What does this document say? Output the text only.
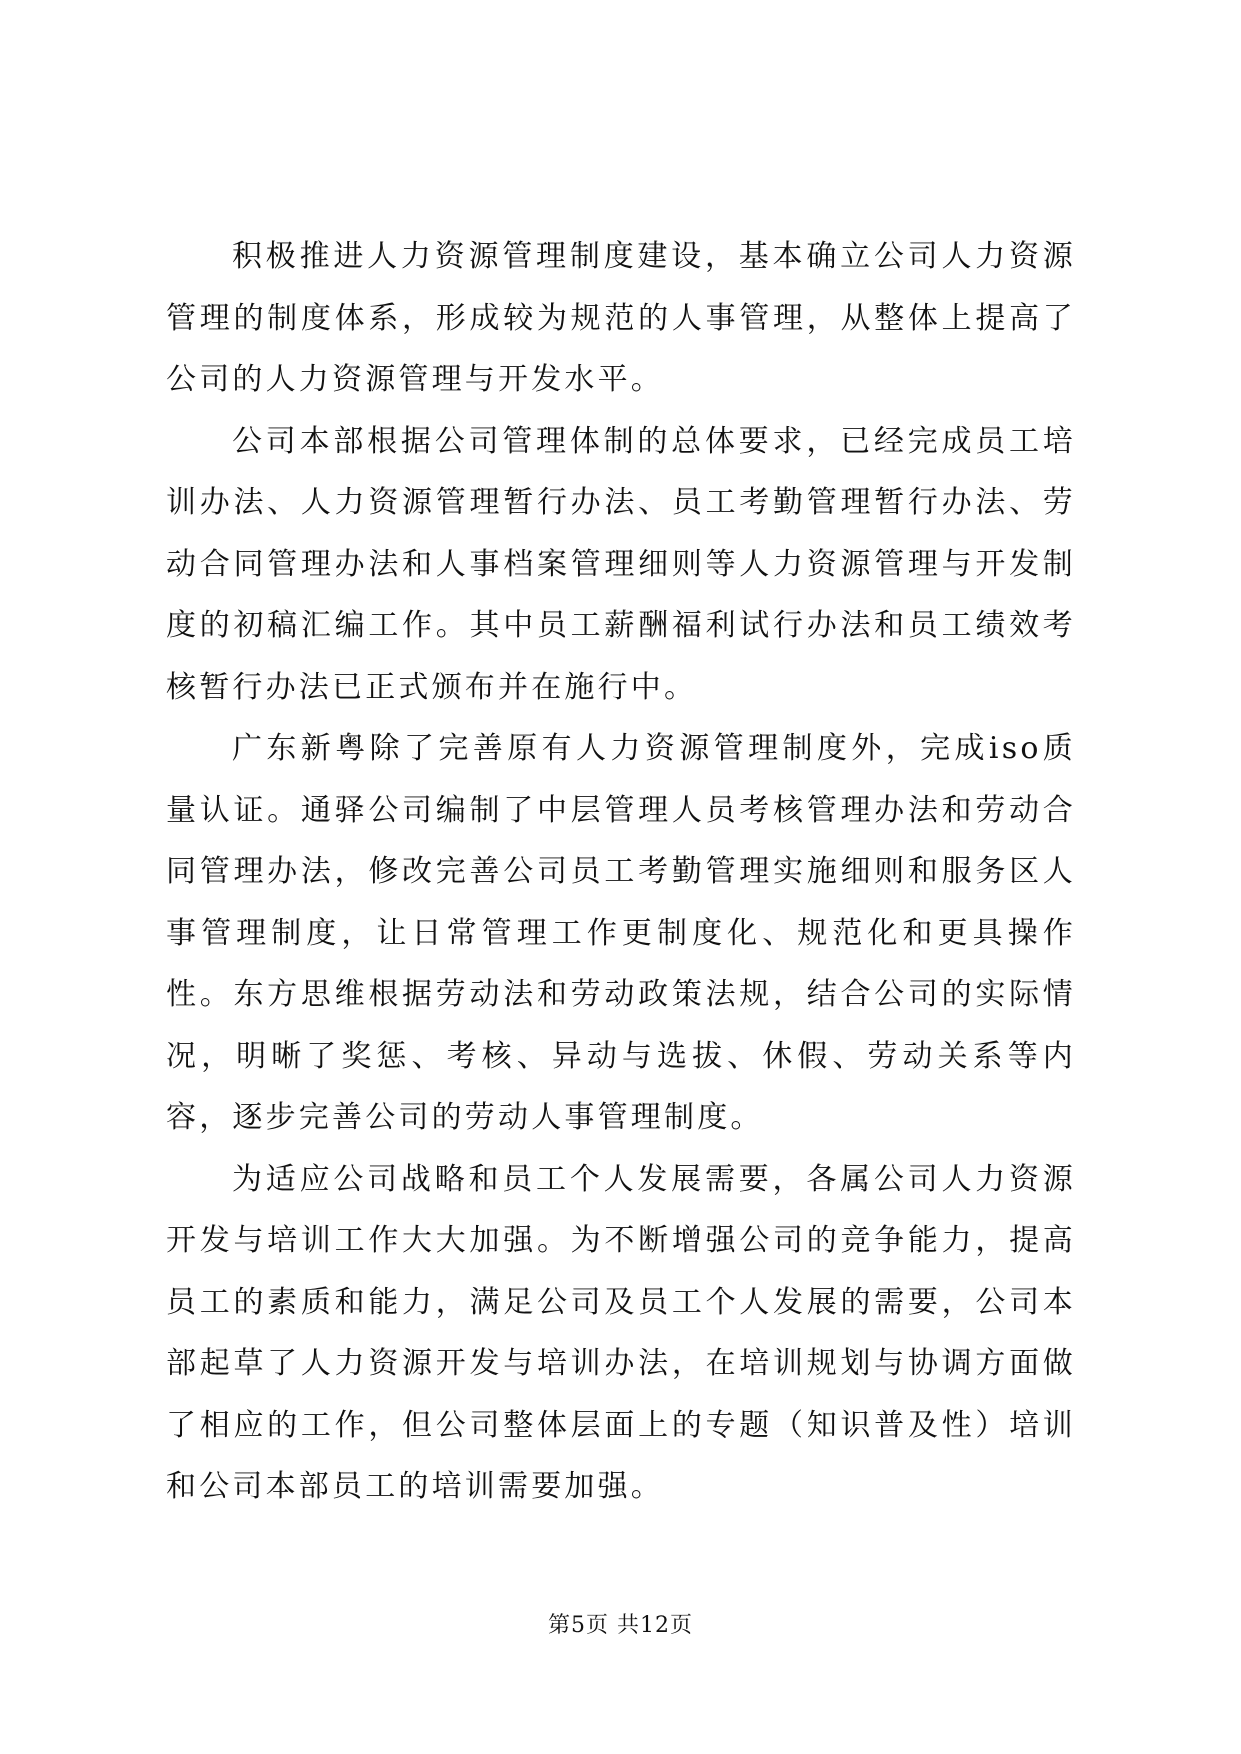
积极推进人力资源管理制度建设，基本确立公司人力资源管理的制度体系，形成较为规范的人事管理，从整体上提高了公司的人力资源管理与开发水平。

公司本部根据公司管理体制的总体要求，已经完成员工培训办法、人力资源管理暂行办法、员工考勤管理暂行办法、劳动合同管理办法和人事档案管理细则等人力资源管理与开发制度的初稿汇编工作。其中员工薪酬福利试行办法和员工绩效考核暂行办法已正式颁布并在施行中。

广东新粤除了完善原有人力资源管理制度外，完成iso质量认证。通驿公司编制了中层管理人员考核管理办法和劳动合同管理办法，修改完善公司员工考勤管理实施细则和服务区人事管理制度，让日常管理工作更制度化、规范化和更具操作性。东方思维根据劳动法和劳动政策法规，结合公司的实际情况，明晰了奖惩、考核、异动与选拔、休假、劳动关系等内容，逐步完善公司的劳动人事管理制度。

为适应公司战略和员工个人发展需要，各属公司人力资源开发与培训工作大大加强。为不断增强公司的竞争能力，提高员工的素质和能力，满足公司及员工个人发展的需要，公司本部起草了人力资源开发与培训办法，在培训规划与协调方面做了相应的工作，但公司整体层面上的专题（知识普及性）培训和公司本部员工的培训需要加强。

第5页 共12页
